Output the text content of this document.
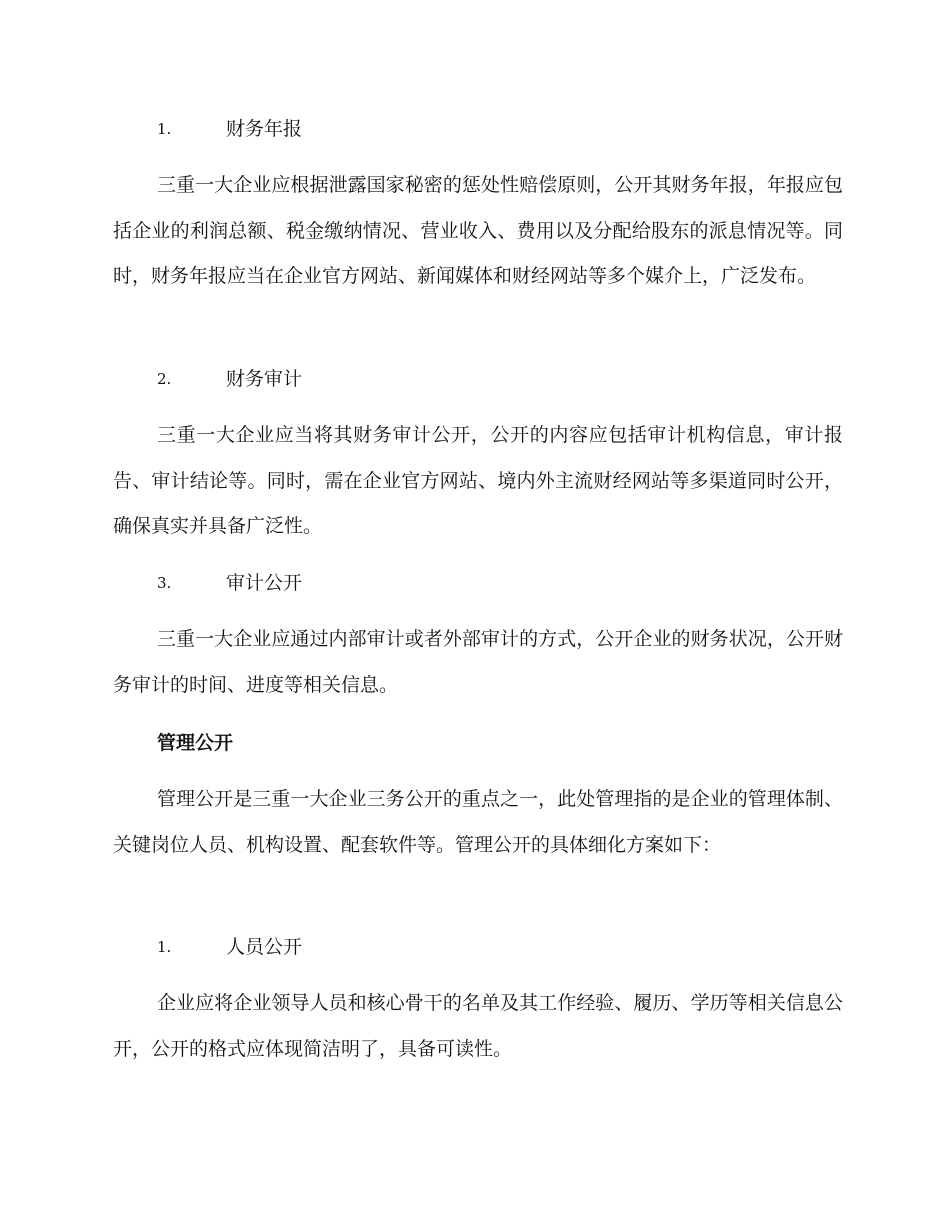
1.	财务年报

三重一大企业应根据泄露国家秘密的惩处性赔偿原则，公开其财务年报，年报应包括企业的利润总额、税金缴纳情况、营业收入、费用以及分配给股东的派息情况等。同时，财务年报应当在企业官方网站、新闻媒体和财经网站等多个媒介上，广泛发布。

2.	财务审计

三重一大企业应当将其财务审计公开，公开的内容应包括审计机构信息，审计报告、审计结论等。同时，需在企业官方网站、境内外主流财经网站等多渠道同时公开，确保真实并具备广泛性。

3.	审计公开

三重一大企业应通过内部审计或者外部审计的方式，公开企业的财务状况，公开财务审计的时间、进度等相关信息。

管理公开

管理公开是三重一大企业三务公开的重点之一，此处管理指的是企业的管理体制、关键岗位人员、机构设置、配套软件等。管理公开的具体细化方案如下：

1.	人员公开

企业应将企业领导人员和核心骨干的名单及其工作经验、履历、学历等相关信息公开，公开的格式应体现简洁明了，具备可读性。
